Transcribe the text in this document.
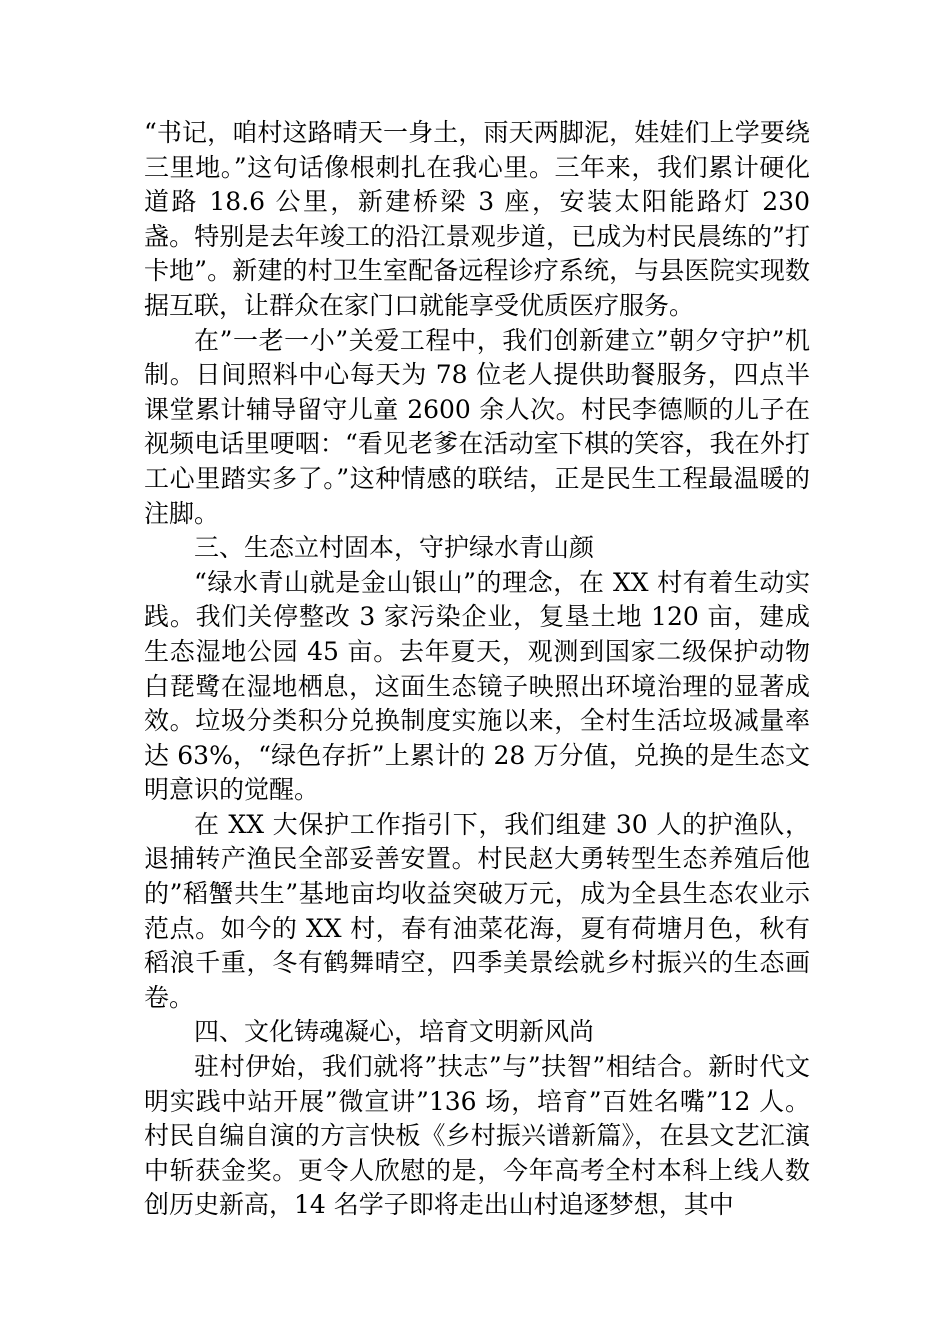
“书记，咱村这路晴天一身土，雨天两脚泥，娃娃们上学要绕三里地。”这句话像根刺扎在我心里。三年来，我们累计硬化道路 18.6 公里，新建桥梁 3 座，安装太阳能路灯 230 盏。特别是去年竣工的沿江景观步道，已成为村民晨练的”打卡地”。新建的村卫生室配备远程诊疗系统，与县医院实现数据互联，让群众在家门口就能享受优质医疗服务。

在”一老一小”关爱工程中，我们创新建立”朝夕守护”机制。日间照料中心每天为 78 位老人提供助餐服务，四点半课堂累计辅导留守儿童 2600 余人次。村民李德顺的儿子在视频电话里哽咽：“看见老爹在活动室下棋的笑容，我在外打工心里踏实多了。”这种情感的联结，正是民生工程最温暖的注脚。

三、生态立村固本，守护绿水青山颜

“绿水青山就是金山银山”的理念，在 XX 村有着生动实践。我们关停整改 3 家污染企业，复垦土地 120 亩，建成生态湿地公园 45 亩。去年夏天，观测到国家二级保护动物白琵鹭在湿地栖息，这面生态镜子映照出环境治理的显著成效。垃圾分类积分兑换制度实施以来，全村生活垃圾减量率达 63%，“绿色存折”上累计的 28 万分值，兑换的是生态文明意识的觉醒。

在 XX 大保护工作指引下，我们组建 30 人的护渔队，退捕转产渔民全部妥善安置。村民赵大勇转型生态养殖后他的”稻蟹共生”基地亩均收益突破万元，成为全县生态农业示范点。如今的 XX 村，春有油菜花海，夏有荷塘月色，秋有稻浪千重，冬有鹤舞晴空，四季美景绘就乡村振兴的生态画卷。

四、文化铸魂凝心，培育文明新风尚

驻村伊始，我们就将”扶志”与”扶智”相结合。新时代文明实践中站开展”微宣讲”136 场，培育”百姓名嘴”12 人。村民自编自演的方言快板《乡村振兴谱新篇》，在县文艺汇演中斩获金奖。更令人欣慰的是，今年高考全村本科上线人数创历史新高，14 名学子即将走出山村追逐梦想，其中
